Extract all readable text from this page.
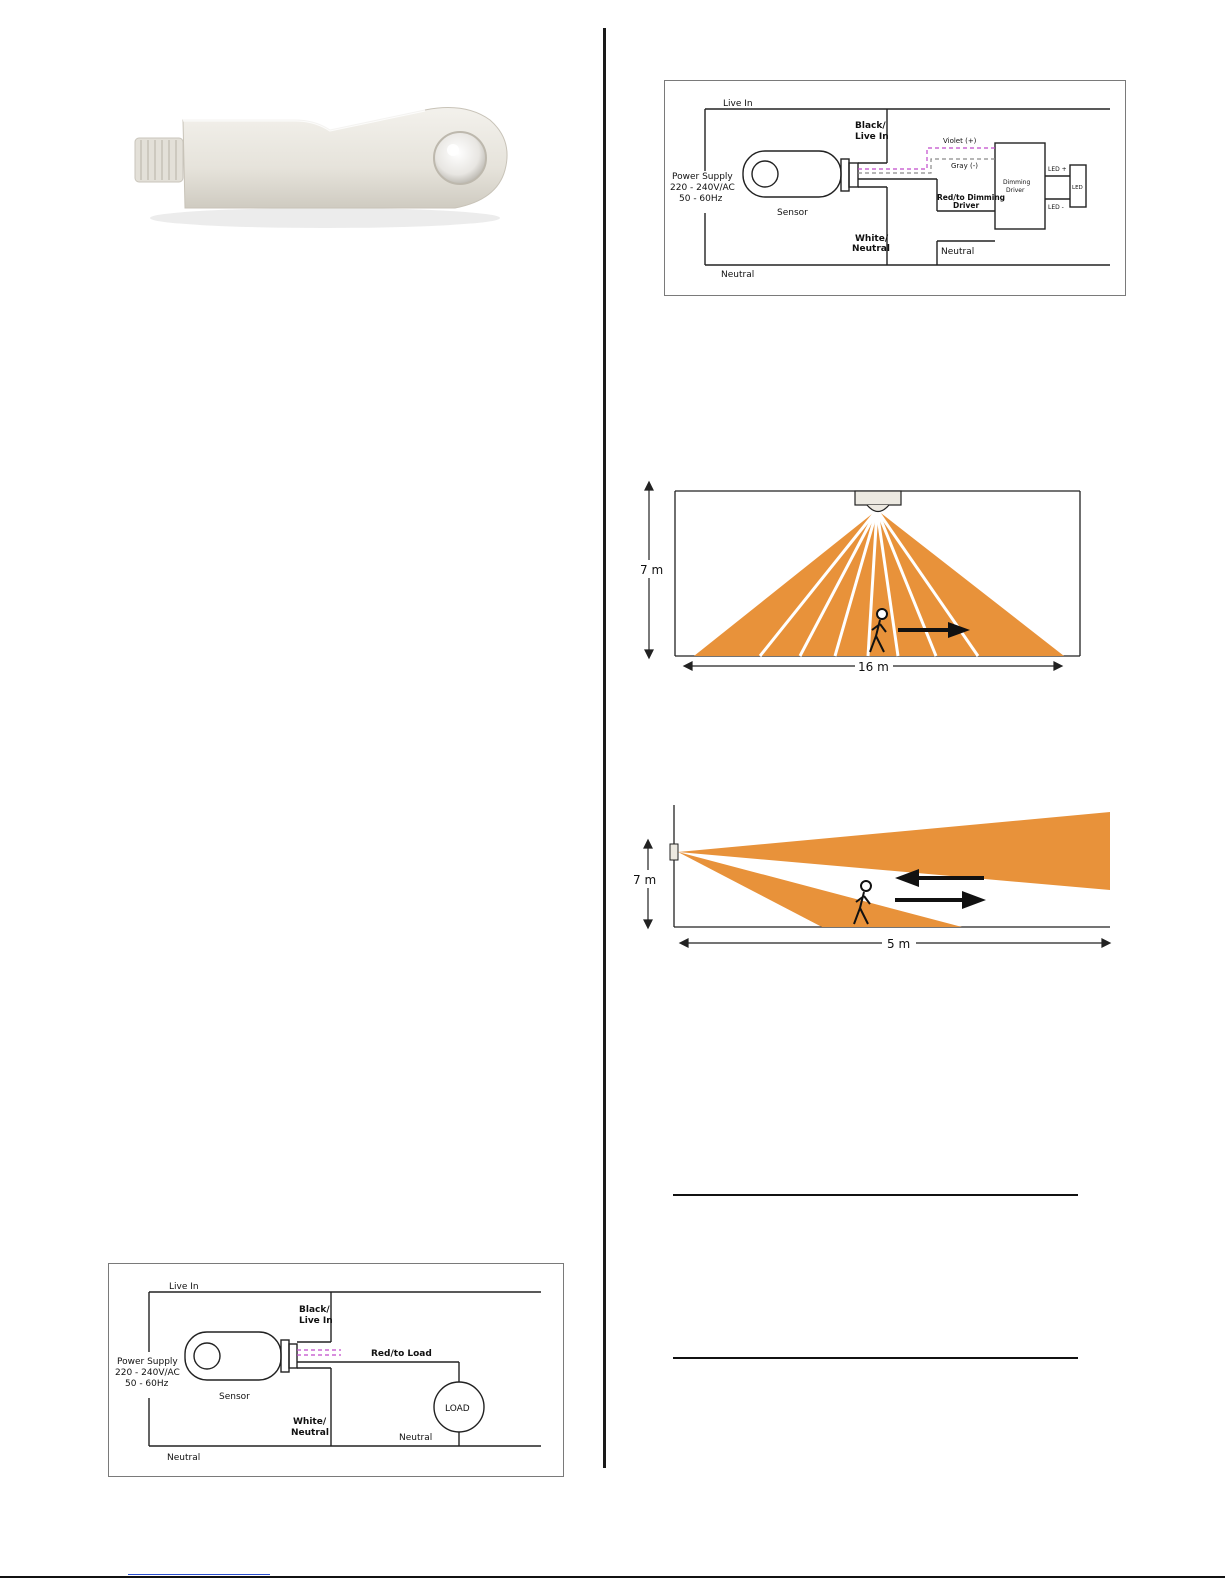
Live In
Black/
Live In	Violet (+)
Gray (-)
Power Supply
220 - 240V/AC
50 - 60Hz
Sensor
Red/to Dimming
Driver
Dimming
Driver
LED +
LED -
LED
White/
Neutral	Neutral
Neutral
7 m
16 m
7 m
5 m
Live In
Black/
Live In
Red/to Load
Power Supply
220 - 240V/AC
50 - 60Hz
Sensor
LOAD
White/
Neutral	Neutral
Neutral
